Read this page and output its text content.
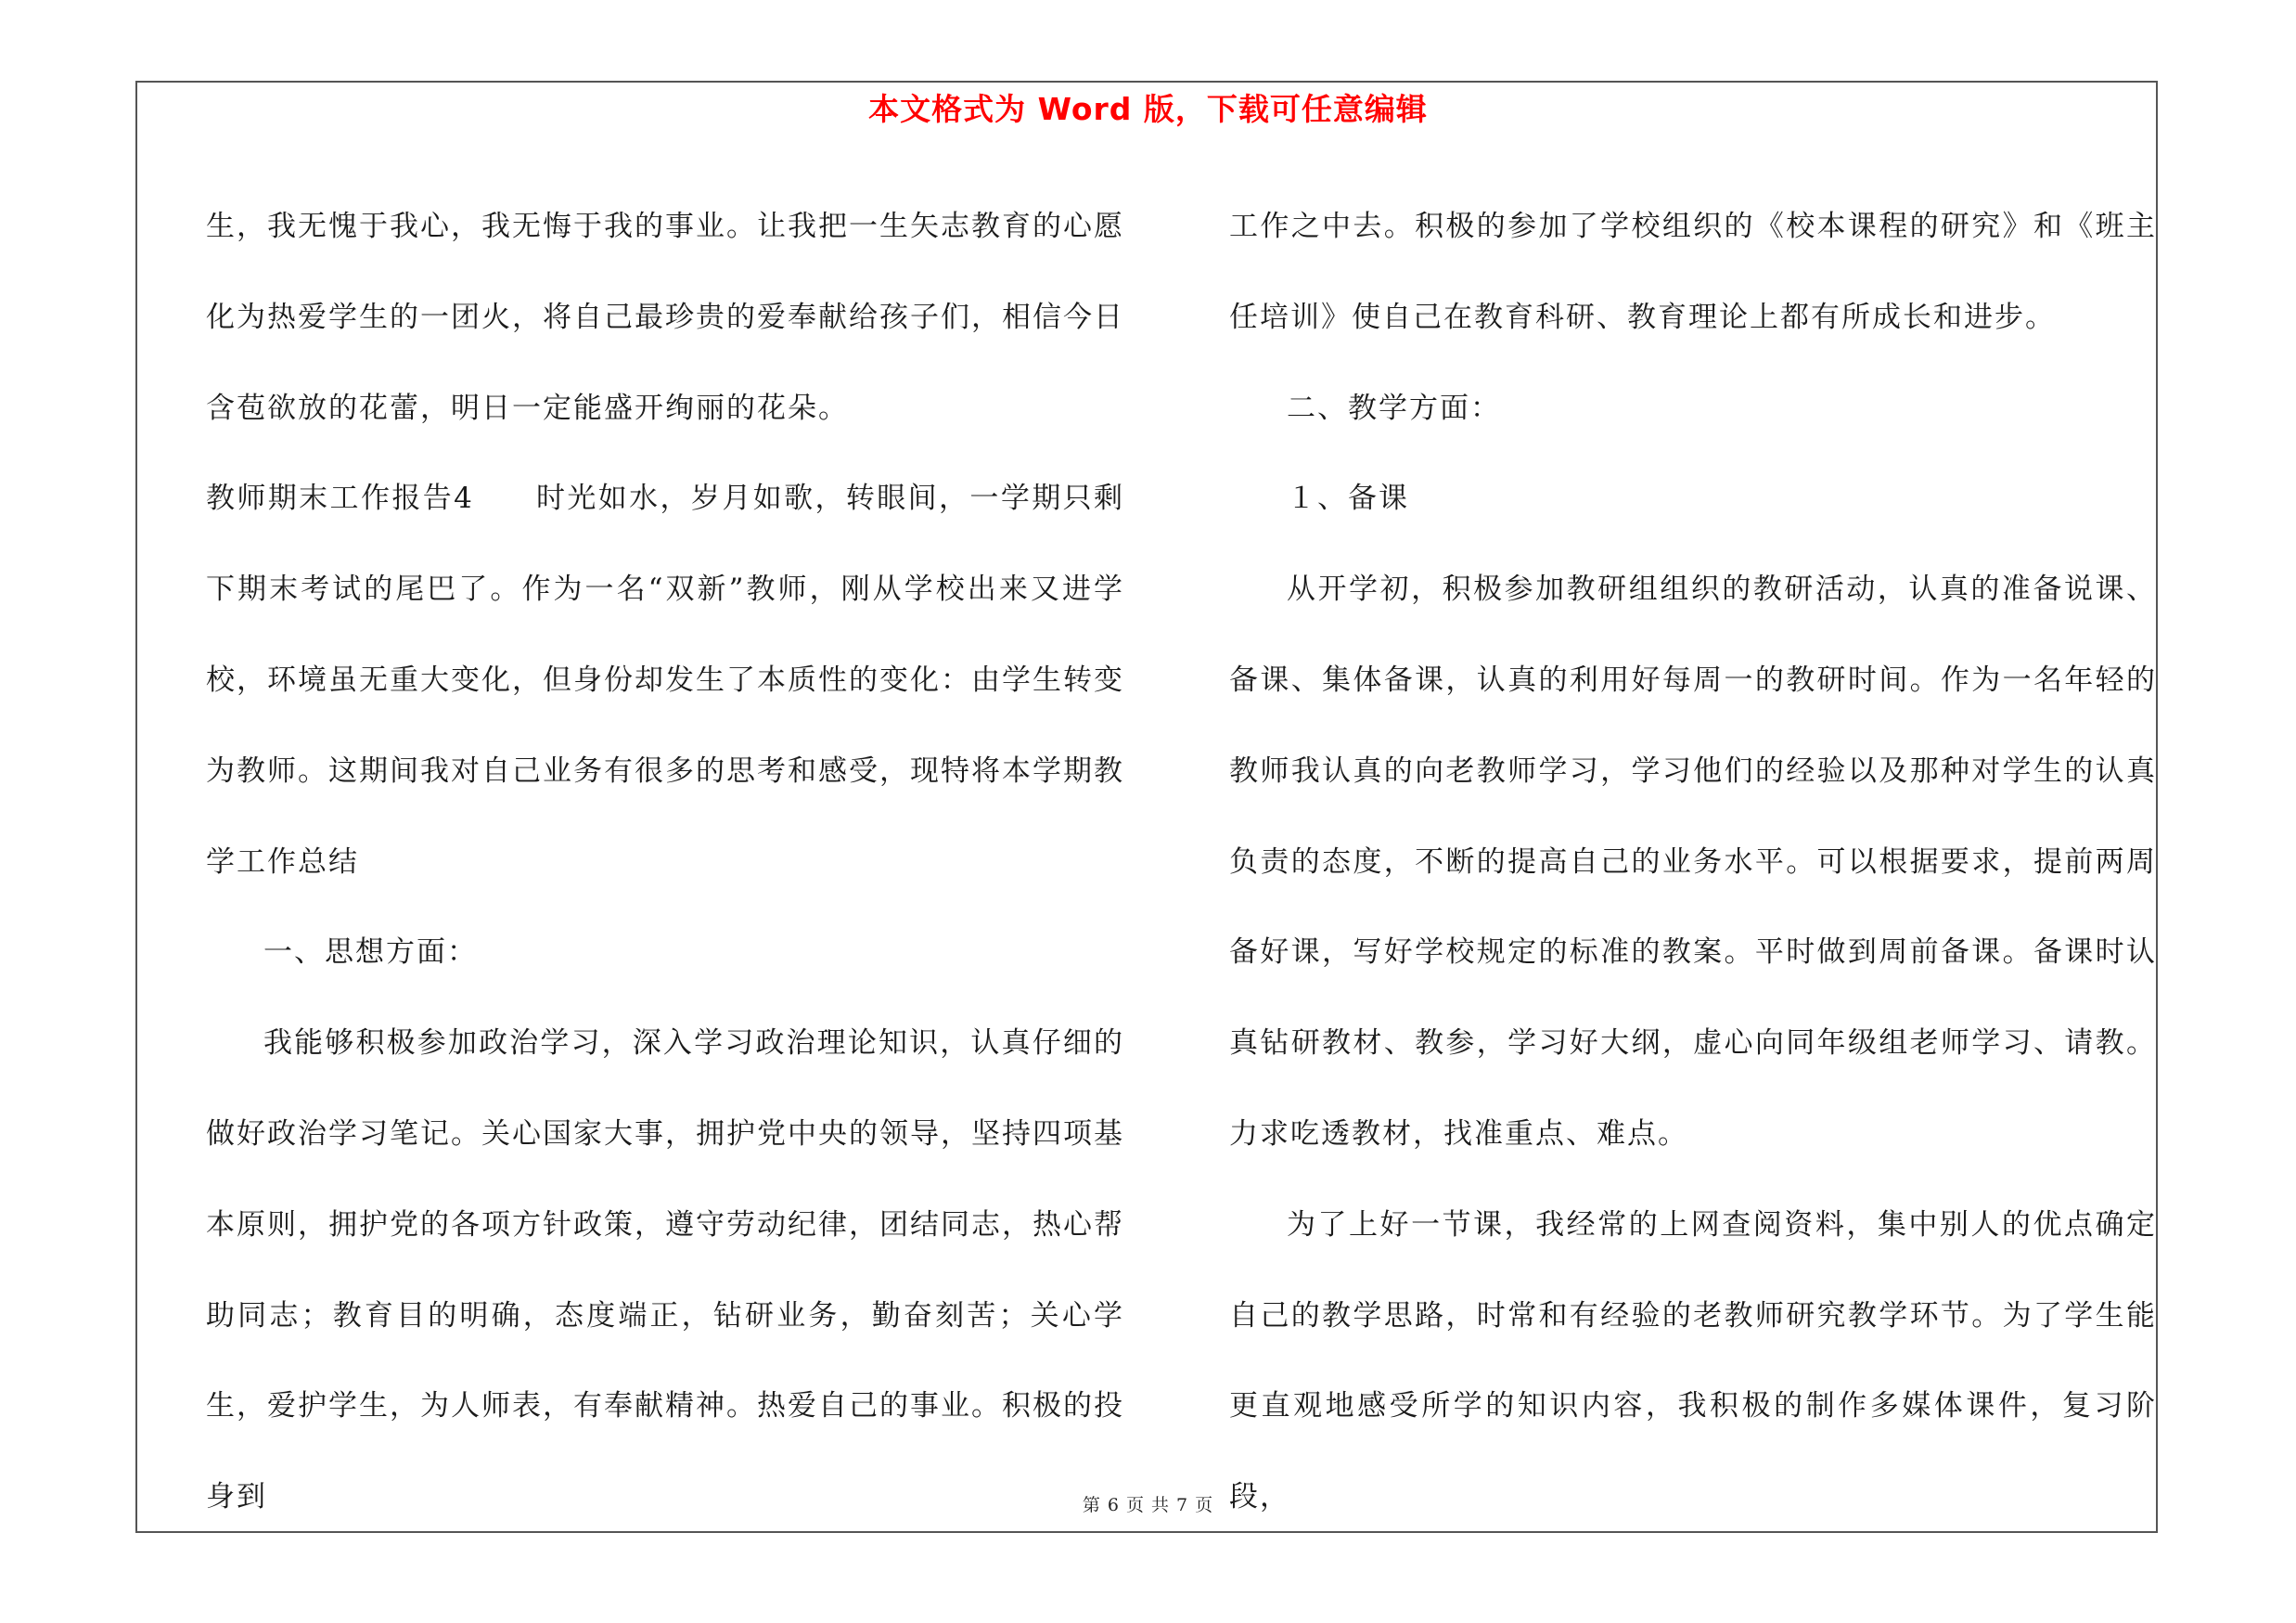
本文格式为 Word 版，下载可任意编辑

生，我无愧于我心，我无悔于我的事业。让我把一生矢志教育的心愿化为热爱学生的一团火，将自己最珍贵的爱奉献给孩子们，相信今日含苞欲放的花蕾，明日一定能盛开绚丽的花朵。

教师期末工作报告4　　时光如水，岁月如歌，转眼间，一学期只剩下期末考试的尾巴了。作为一名“双新”教师，刚从学校出来又进学校，环境虽无重大变化，但身份却发生了本质性的变化：由学生转变为教师。这期间我对自己业务有很多的思考和感受，现特将本学期教学工作总结

一、思想方面：

我能够积极参加政治学习，深入学习政治理论知识，认真仔细的做好政治学习笔记。关心国家大事，拥护党中央的领导，坚持四项基本原则，拥护党的各项方针政策，遵守劳动纪律，团结同志，热心帮助同志；教育目的明确，态度端正，钻研业务，勤奋刻苦；关心学生，爱护学生，为人师表，有奉献精神。热爱自己的事业。积极的投身到

工作之中去。积极的参加了学校组织的《校本课程的研究》和《班主任培训》使自己在教育科研、教育理论上都有所成长和进步。

二、教学方面：

１、备课

从开学初，积极参加教研组组织的教研活动，认真的准备说课、备课、集体备课，认真的利用好每周一的教研时间。作为一名年轻的教师我认真的向老教师学习，学习他们的经验以及那种对学生的认真负责的态度，不断的提高自己的业务水平。可以根据要求，提前两周备好课，写好学校规定的标准的教案。平时做到周前备课。备课时认真钻研教材、教参，学习好大纲，虚心向同年级组老师学习、请教。力求吃透教材，找准重点、难点。

为了上好一节课，我经常的上网查阅资料，集中别人的优点确定自己的教学思路，时常和有经验的老教师研究教学环节。为了学生能更直观地感受所学的知识内容，我积极的制作多媒体课件，复习阶段，

第 6 页 共 7 页
